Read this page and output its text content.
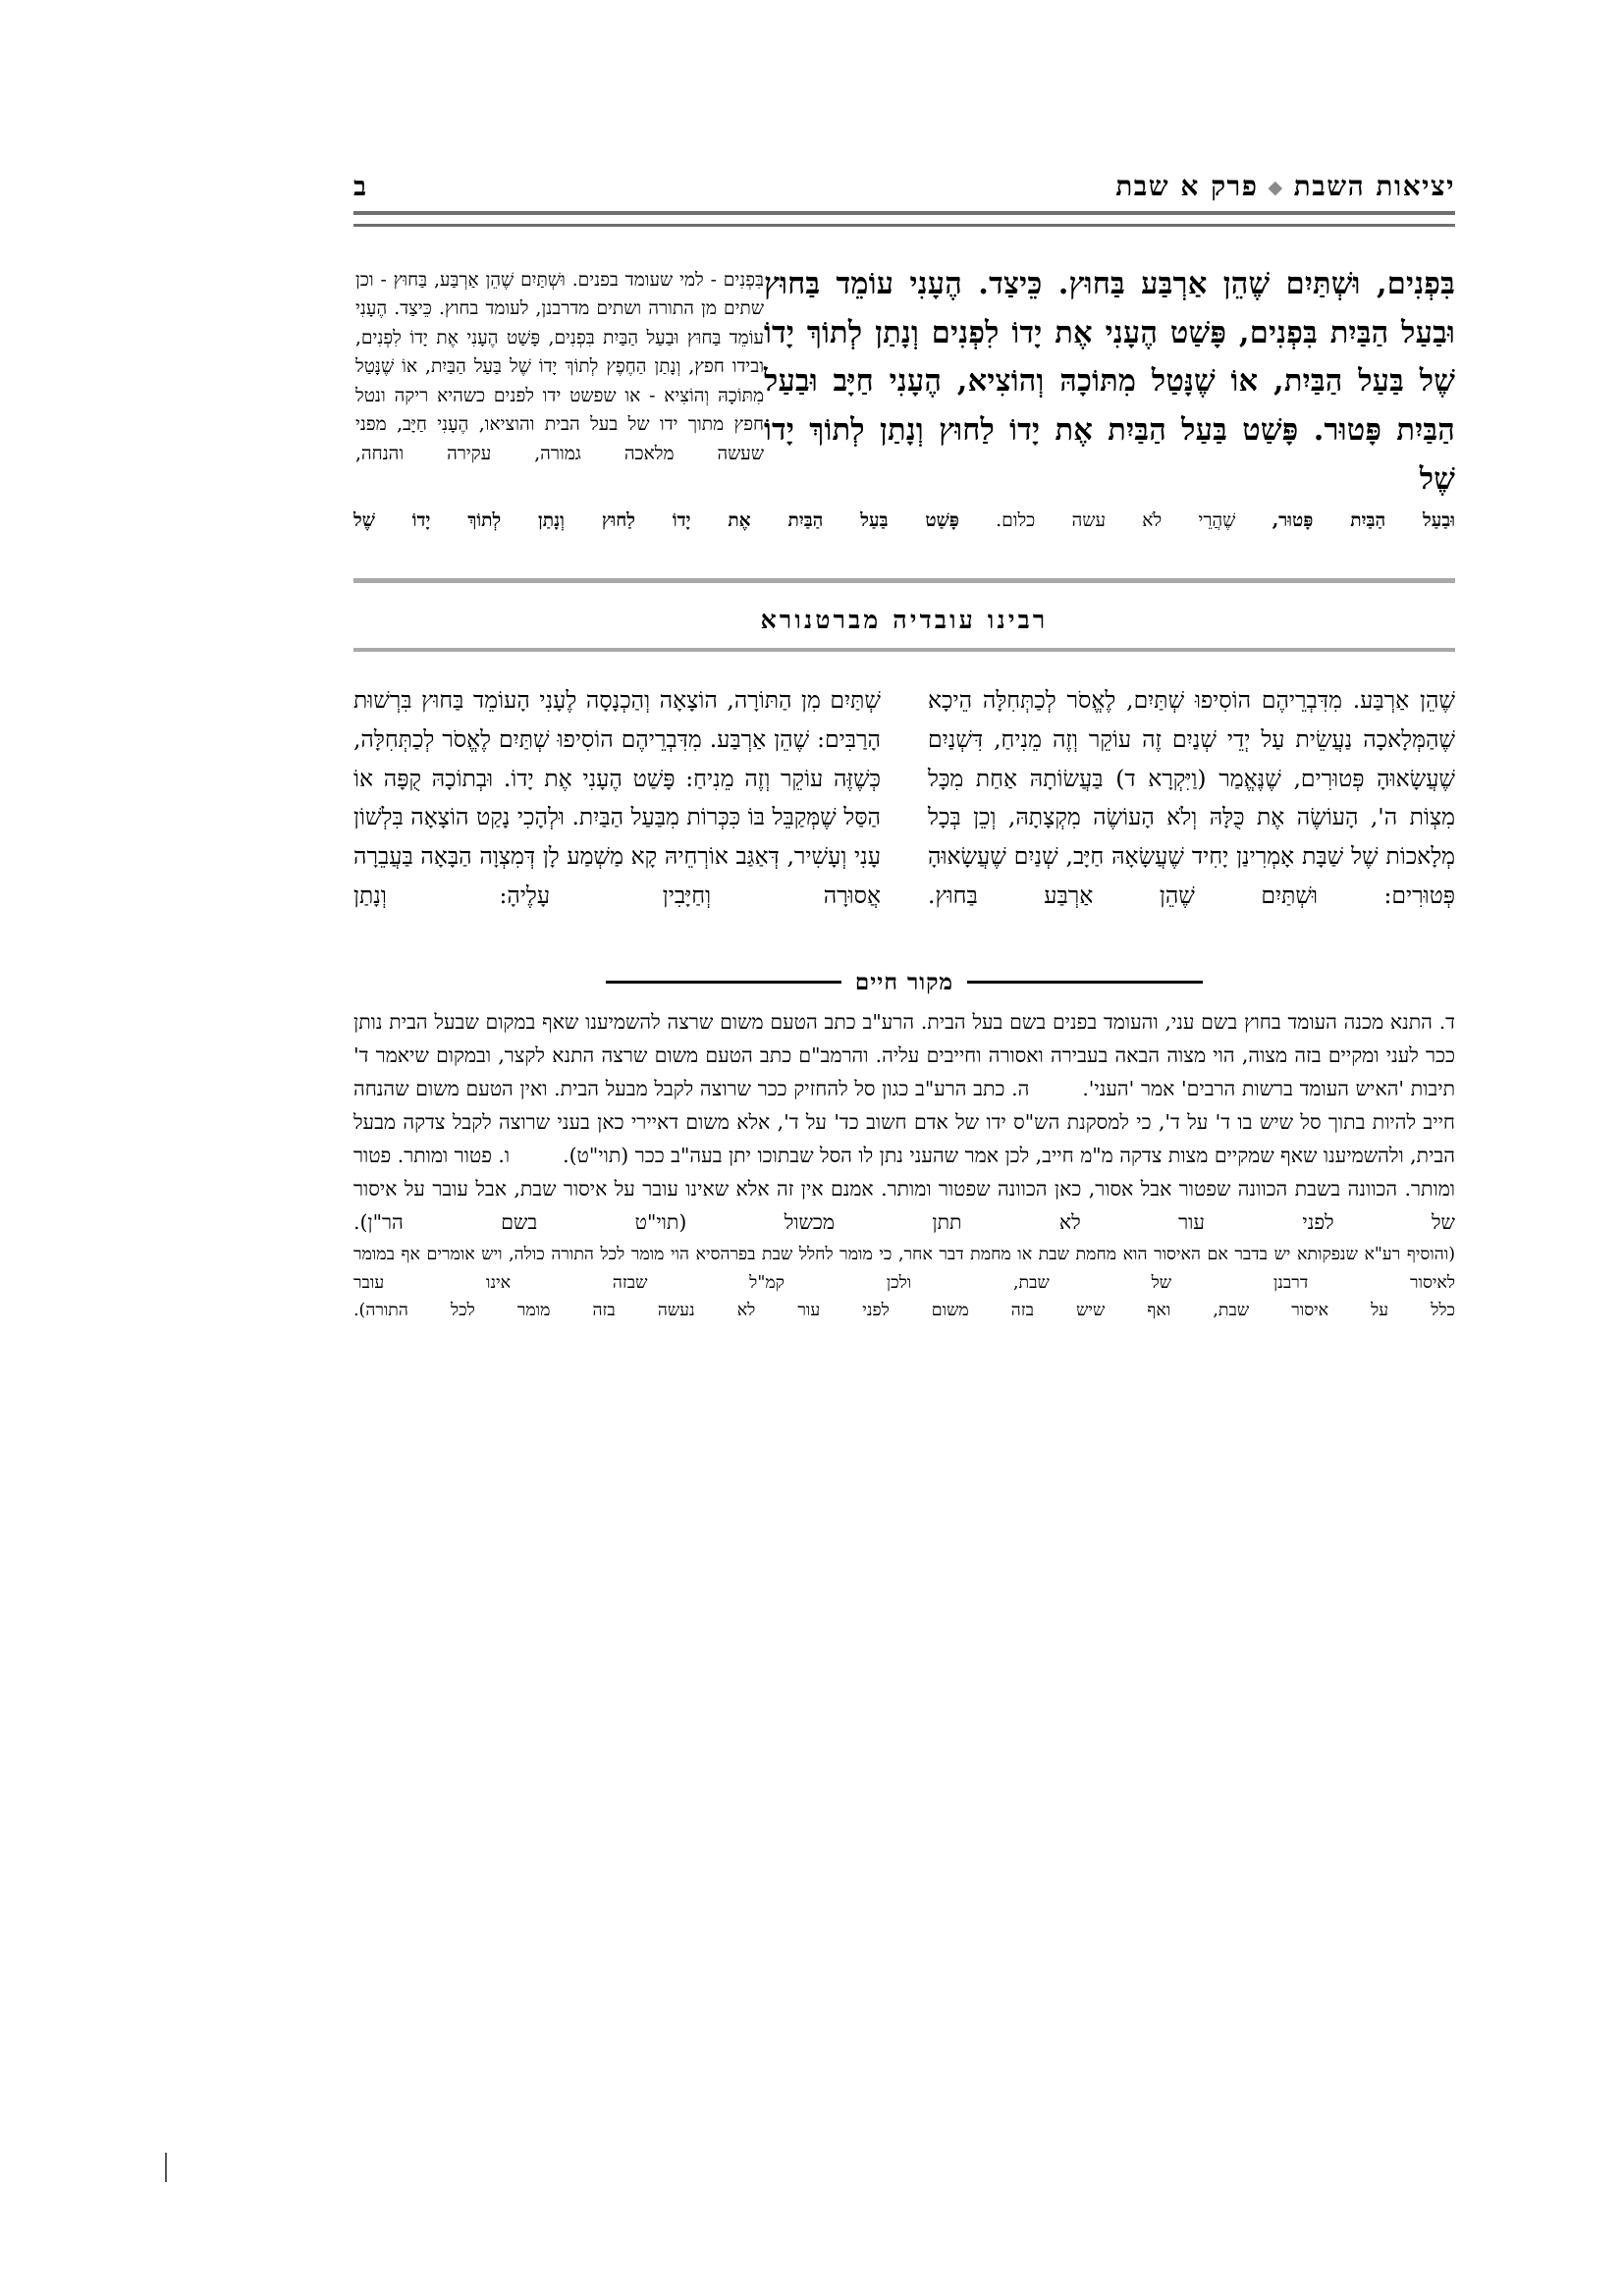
יציאות השבת◆פרק א שבת
ב
בִּפְנִים - למי שעומד בפנים. וּשְׁתַּיִם שֶׁהֵן אַרְבַּע, בַּחוּץ - וכן שתים מן התורה ושתים מדרבנן, לעומד בחוץ. כֵּיצַד. הֶעָנִי עוֹמֵד בַּחוּץ וּבַעַל הַבַּיִת בִּפְנִים, פָּשַׁט הֶעָנִי אֶת יָדוֹ לִפְנִים, ובידו חפץ, וְנָתַן הַחֶפֶץ לְתוֹךְ יָדוֹ שֶׁל בַּעַל הַבַּיִת, אוֹ שֶׁנָּטַל מִתּוֹכָהּ וְהוֹצִיא - או שפשט ידו לפנים כשהיא ריקה ונטל חפץ מתוך ידו של בעל הבית והוציאו, הֶעָנִי חַיָּב, מפני שעשה מלאכה גמורה, עקירה והנחה,
בִּפְנִים, וּשְׁתַּיִם שֶׁהֵן אַרְבַּע בַּחוּץ. כֵּיצַד. הֶעָנִי עוֹמֵד בַּחוּץ וּבַעַל הַבַּיִת בִּפְנִים, פָּשַׁט הֶעָנִי אֶת יָדוֹ לִפְנִים וְנָתַן לְתוֹךְ יָדוֹ שֶׁל בַּעַל הַבַּיִת, אוֹ שֶׁנָּטַל מִתּוֹכָהּ וְהוֹצִיא, הֶעָנִי חַיָּב וּבַעַל הַבַּיִת פָּטוּר. פָּשַׁט בַּעַל הַבַּיִת אֶת יָדוֹ לַחוּץ וְנָתַן לְתוֹךְ יָדוֹ שֶׁל
וּבַעַל הַבַּיִת פָּטוּר, שֶׁהֲרֵי לֹא עשה כלום. פָּשַׁט בַּעַל הַבַּיִת אֶת יָדוֹ לַחוּץ וְנָתַן לְתוֹךְ יָדוֹ שֶׁל
רבינו עובדיה מברטנורא
שֶׁהֵן אַרְבַּע. מִדִּבְרֵיהֶם הוֹסִיפוּ שְׁתַּיִם, לֶאֱסֹר לְכַתְּחִלָּה הֵיכָא שֶׁהַמְּלָאכָה נַעֲשֵׂית עַל יְדֵי שְׁנַיִם זֶה עוֹקֵר וְזֶה מֵנִיחַ, דִּשְׁנַיִם שֶׁעֲשָׂאוּהָ פְּטוּרִים, שֶׁנֶּאֱמַר (וַיִּקְרָא ד) בַּעֲשׂוֹתָהּ אַחַת מִכָּל מִצְוֹת ה', הָעוֹשֶׂה אֶת כֻּלָּהּ וְלֹא הָעוֹשֶׂה מִקְצָתָהּ, וְכֵן בְּכָל מְלָאכוֹת שֶׁל שַׁבָּת אָמְרִינַן יָחִיד שֶׁעֲשָׂאָהּ חַיָּב, שְׁנַיִם שֶׁעֲשָׂאוּהָ פְּטוּרִים: וּשְׁתַּיִם שֶׁהֵן אַרְבַּע בַּחוּץ.
שְׁתַּיִם מִן הַתּוֹרָה, הוֹצָאָה וְהַכְנָסָה לֶעָנִי הָעוֹמֵד בַּחוּץ בִּרְשׁוּת הָרַבִּים: שֶׁהֵן אַרְבַּע. מִדִּבְרֵיהֶם הוֹסִיפוּ שְׁתַּיִם לֶאֱסֹר לְכַתְּחִלָּה, כְּשֶׁזֶּה עוֹקֵר וְזֶה מֵנִיחַ: פָּשַׁט הֶעָנִי אֶת יָדוֹ. וּבְתוֹכָהּ קֻפָּה אוֹ הַסַּל שֶׁמְּקַבֵּל בּוֹ כִּכְּרוֹת מִבַּעַל הַבַּיִת. וּלְהָכִי נָקַט הוֹצָאָה בִּלְשׁוֹן עָנִי וְעָשִׁיר, דְּאַגַּב אוֹרְחֵיהּ קָא מַשְׁמַע לָן דְּמִצְוָה הַבָּאָה בַּעֲבֵרָה אֲסוּרָה וְחַיָּבִין עָלֶיהָ: וְנָתַן
מקור חיים
ד. התנא מכנה העומד בחוץ בשם עני, והעומד בפנים בשם בעל הבית. הרע"ב כתב הטעם משום שרצה להשמיענו שאף במקום שבעל הבית נותן ככר לעני ומקיים בזה מצוה, הוי מצוה הבאה בעבירה ואסורה וחייבים עליה. והרמב"ם כתב הטעם משום שרצה התנא לקצר, ובמקום שיאמר ד' תיבות 'האיש העומד ברשות הרבים' אמר 'העני'.ה. כתב הרע"ב כגון סל להחזיק ככר שרוצה לקבל מבעל הבית. ואין הטעם משום שהנחה חייב להיות בתוך סל שיש בו ד' על ד', כי למסקנת הש"ס ידו של אדם חשוב כד' על ד', אלא משום דאיירי כאן בעני שרוצה לקבל צדקה מבעל הבית, ולהשמיענו שאף שמקיים מצות צדקה מ"מ חייב, לכן אמר שהעני נתן לו הסל שבתוכו יתן בעה"ב ככר (תוי"ט).ו. פטור ומותר. פטור ומותר. הכוונה בשבת הכוונה שפטור אבל אסור, כאן הכוונה שפטור ומותר. אמנם אין זה אלא שאינו עובר על איסור שבת, אבל עובר על איסור של לפני עור לא תתן מכשול (תוי"ט בשם הר"ן).
(והוסיף רע"א שנפקותא יש בדבר אם האיסור הוא מחמת שבת או מחמת דבר אחר, כי מומר לחלל שבת בפרהסיא הוי מומר לכל התורה כולה, ויש אומרים אף במומר לאיסור דרבנן של שבת, ולכן קמ"ל שבזה אינו עובר
כלל על איסור שבת, ואף שיש בזה משום לפני עור לא נעשה בזה מומר לכל התורה).
